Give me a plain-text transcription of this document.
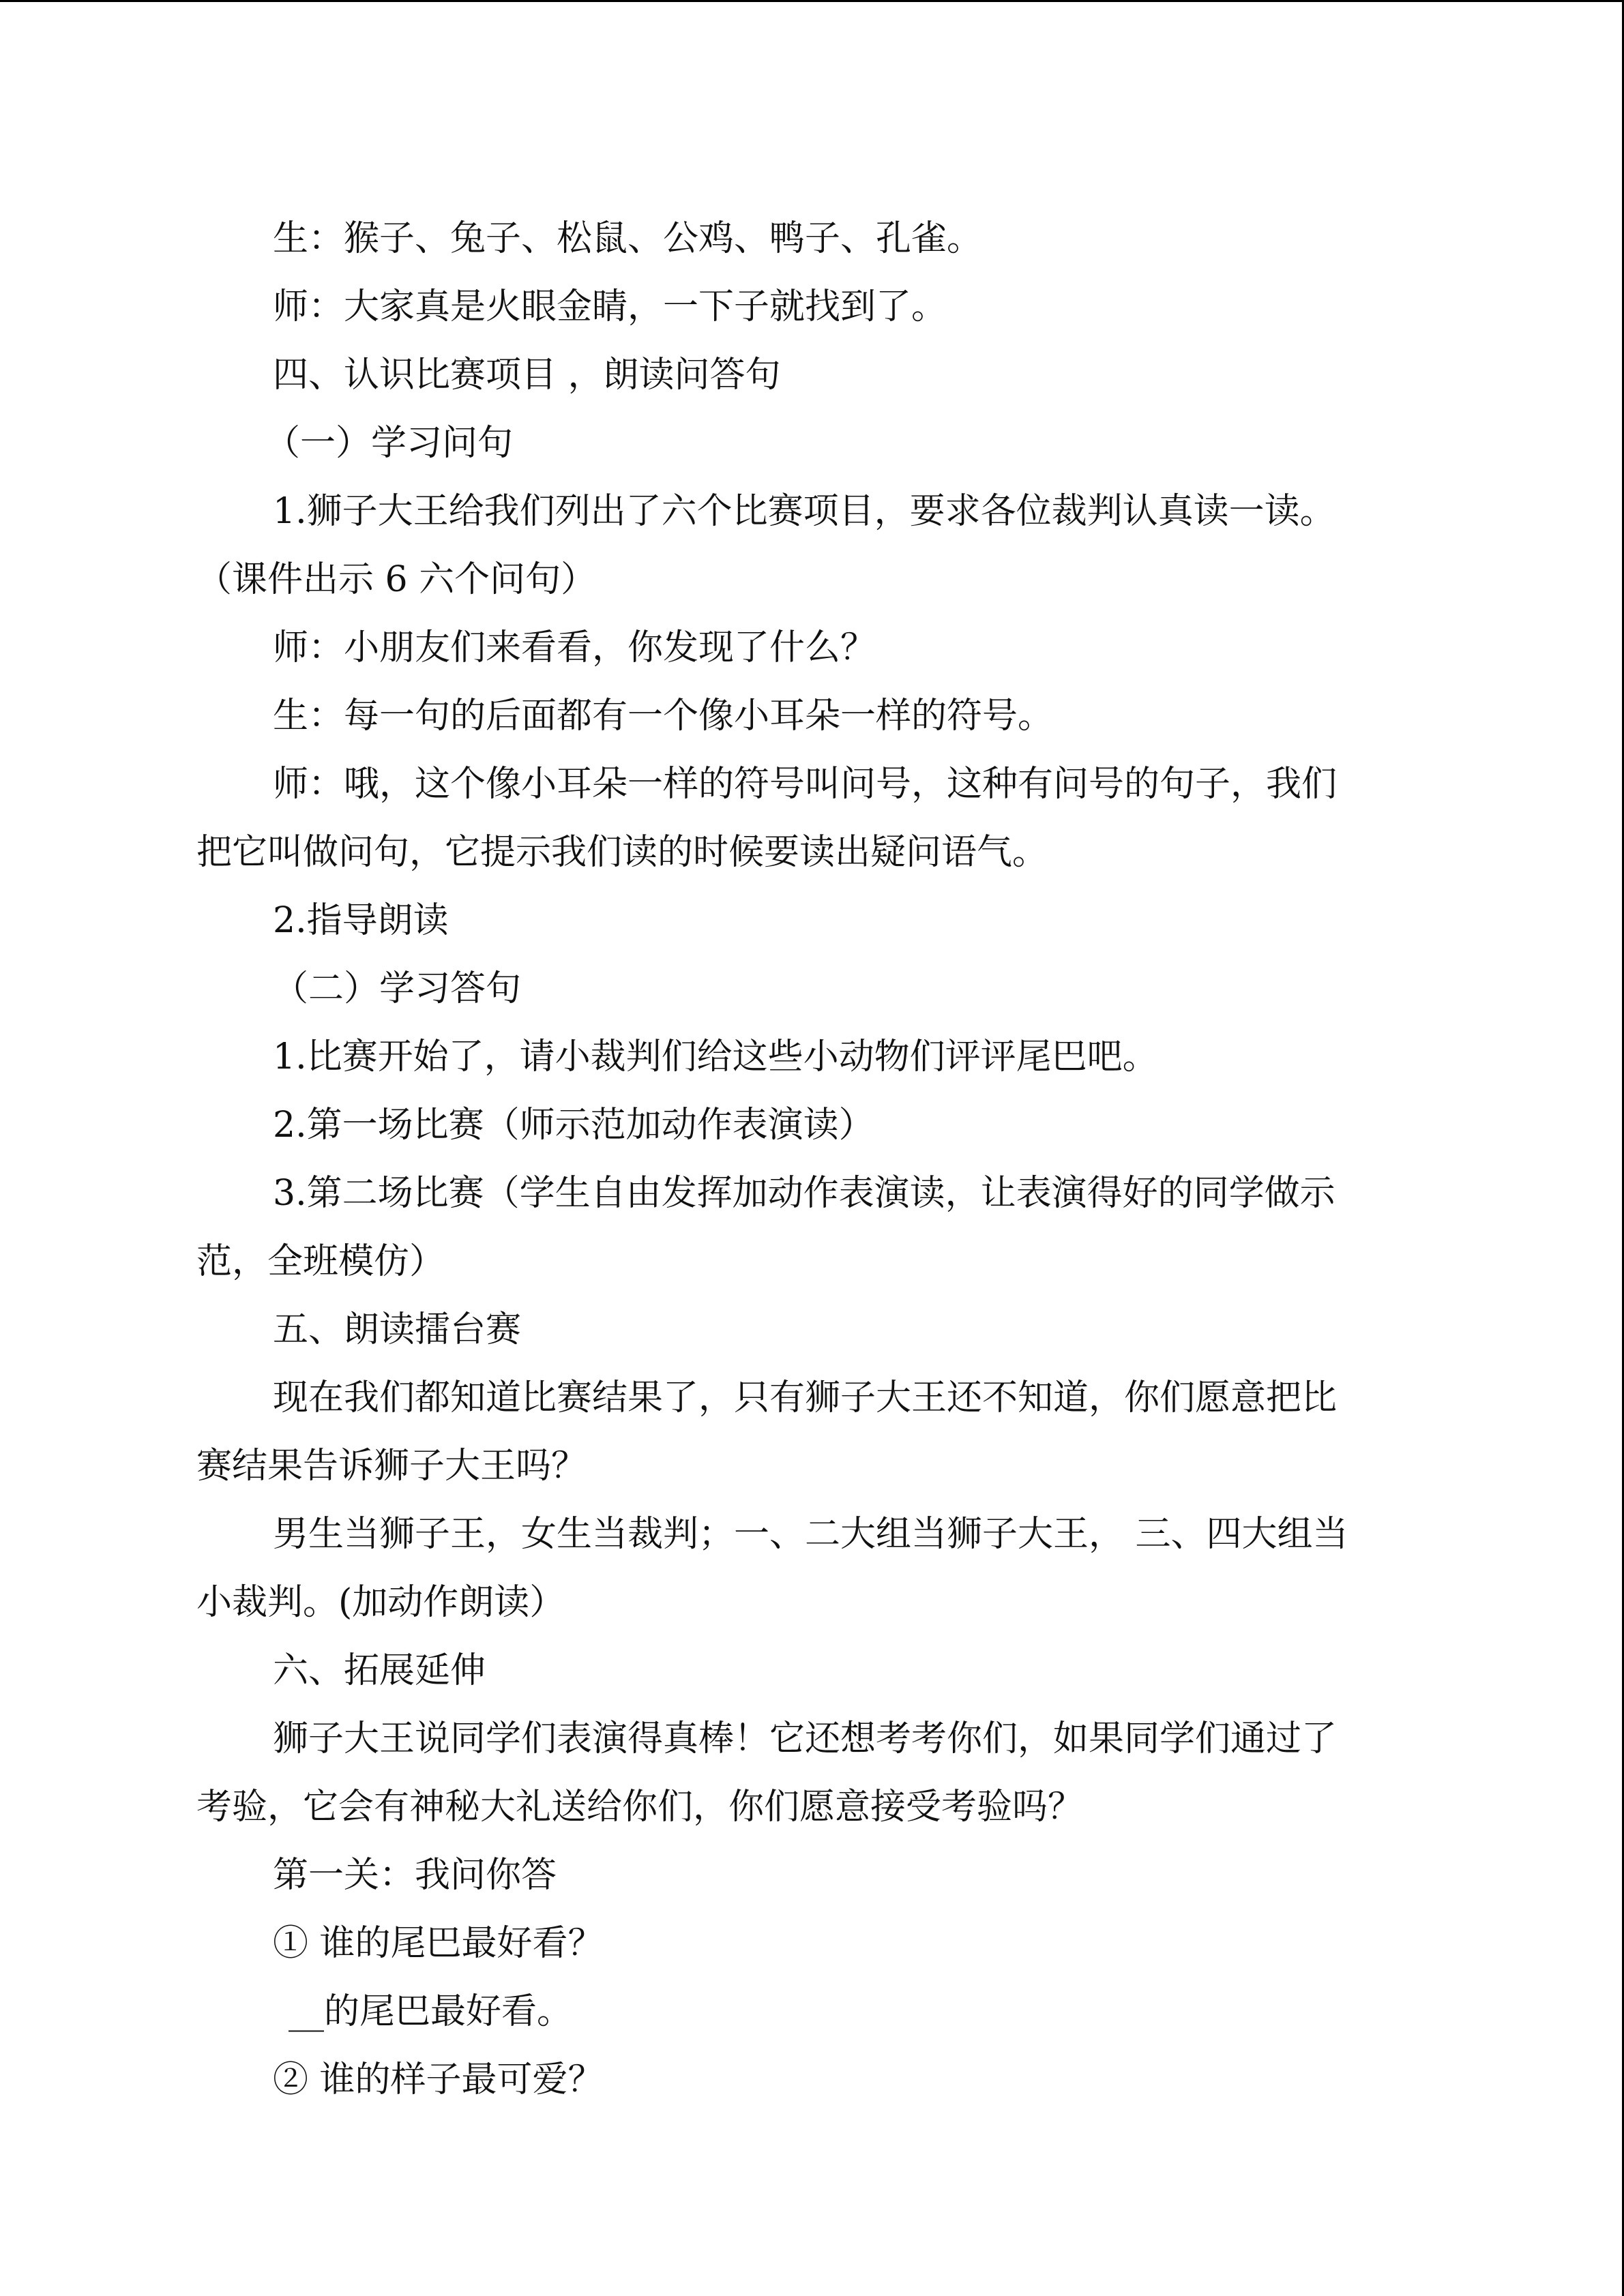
生：猴子、兔子、松鼠、公鸡、鸭子、孔雀。

师：大家真是火眼金睛，一下子就找到了。

四、认识比赛项目 ，朗读问答句

（一）学习问句

1.狮子大王给我们列出了六个比赛项目，要求各位裁判认真读一读。

（课件出示 6 六个问句）

师：小朋友们来看看，你发现了什么？

生：每一句的后面都有一个像小耳朵一样的符号。

师：哦，这个像小耳朵一样的符号叫问号，这种有问号的句子，我们

把它叫做问句，它提示我们读的时候要读出疑问语气。

2.指导朗读

（二）学习答句

1.比赛开始了，请小裁判们给这些小动物们评评尾巴吧。

2.第一场比赛（师示范加动作表演读）

3.第二场比赛（学生自由发挥加动作表演读，让表演得好的同学做示

范，全班模仿）

五、朗读擂台赛

现在我们都知道比赛结果了，只有狮子大王还不知道，你们愿意把比

赛结果告诉狮子大王吗？

男生当狮子王，女生当裁判；一、二大组当狮子大王， 三、四大组当

小裁判。(加动作朗读）

六、拓展延伸

狮子大王说同学们表演得真棒！它还想考考你们，如果同学们通过了

考验，它会有神秘大礼送给你们，你们愿意接受考验吗？

第一关：我问你答

① 谁的尾巴最好看？

__的尾巴最好看。

② 谁的样子最可爱？
